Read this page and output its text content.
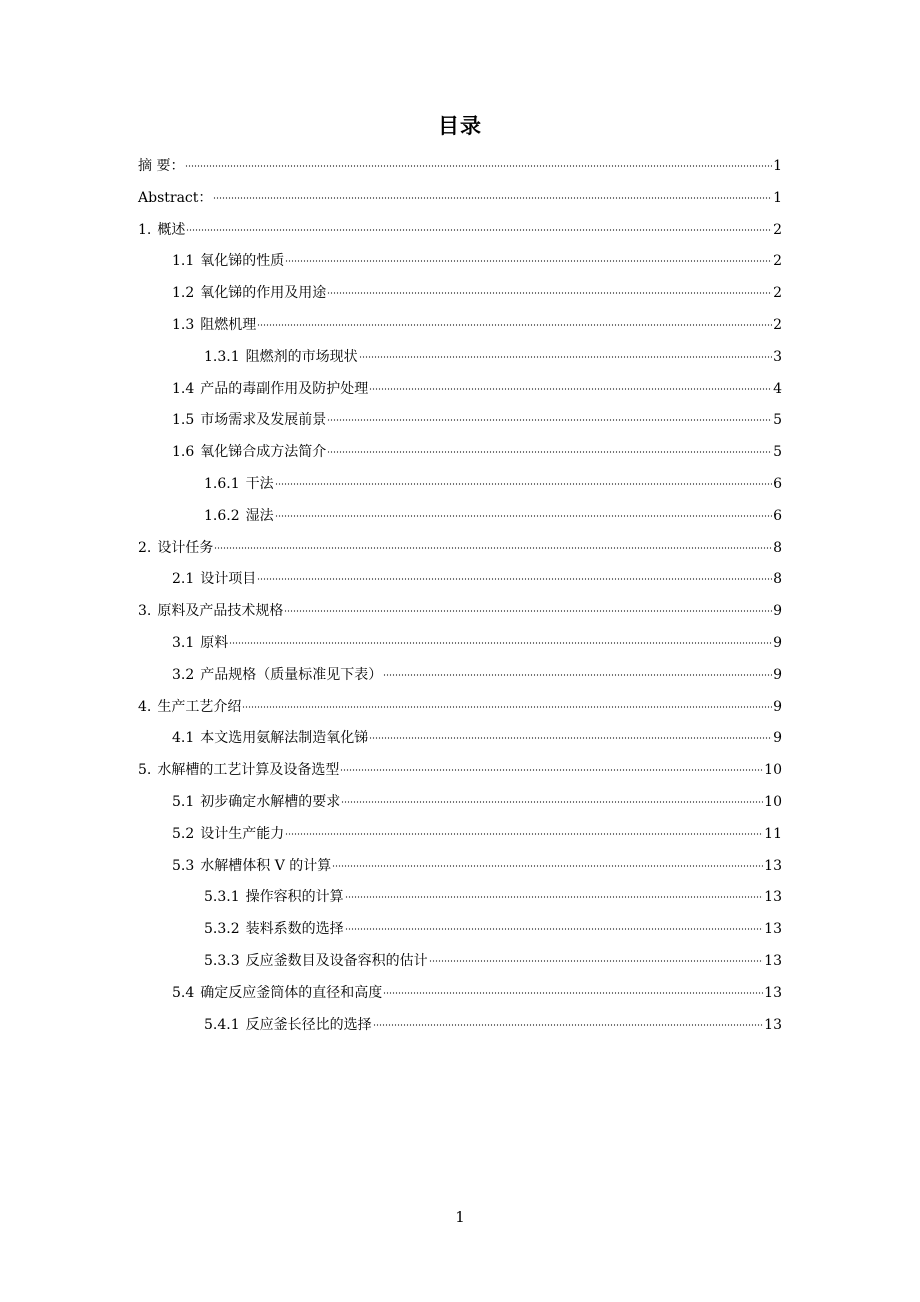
目录
摘 要：	1
Abstract：	1
1. 概述	2
1.1 氧化锑的性质	2
1.2 氧化锑的作用及用途	2
1.3 阻燃机理	2
1.3.1 阻燃剂的市场现状	3
1.4 产品的毒副作用及防护处理	4
1.5 市场需求及发展前景	5
1.6 氧化锑合成方法简介	5
1.6.1 干法	6
1.6.2 湿法	6
2. 设计任务	8
2.1 设计项目	8
3. 原料及产品技术规格	9
3.1 原料	9
3.2 产品规格（质量标准见下表）	9
4. 生产工艺介绍	9
4.1 本文选用氨解法制造氧化锑	9
5. 水解槽的工艺计算及设备选型	10
5.1 初步确定水解槽的要求	10
5.2 设计生产能力	11
5.3 水解槽体积 V 的计算	13
5.3.1 操作容积的计算	13
5.3.2 装料系数的选择	13
5.3.3 反应釜数目及设备容积的估计	13
5.4 确定反应釜筒体的直径和高度	13
5.4.1 反应釜长径比的选择	13
1
